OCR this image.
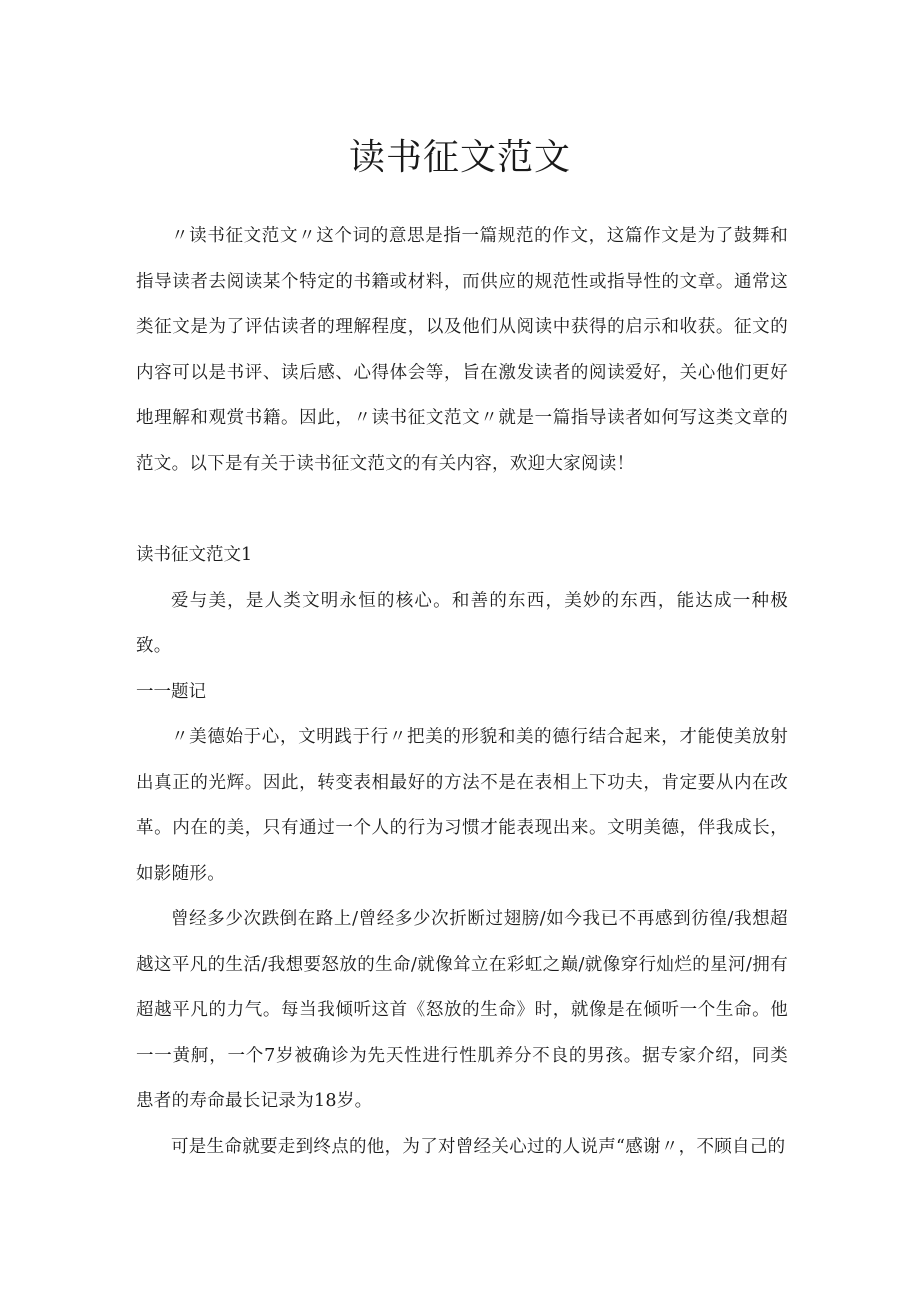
读书征文范文

〃读书征文范文〃这个词的意思是指一篇规范的作文，这篇作文是为了鼓舞和指导读者去阅读某个特定的书籍或材料，而供应的规范性或指导性的文章。通常这类征文是为了评估读者的理解程度，以及他们从阅读中获得的启示和收获。征文的内容可以是书评、读后感、心得体会等，旨在激发读者的阅读爱好，关心他们更好地理解和观赏书籍。因此，〃读书征文范文〃就是一篇指导读者如何写这类文章的范文。以下是有关于读书征文范文的有关内容，欢迎大家阅读！

读书征文范文1

爱与美，是人类文明永恒的核心。和善的东西，美妙的东西，能达成一种极致。

一一题记

〃美德始于心，文明践于行〃把美的形貌和美的德行结合起来，才能使美放射出真正的光辉。因此，转变表相最好的方法不是在表相上下功夫，肯定要从内在改革。内在的美，只有通过一个人的行为习惯才能表现出来。文明美德，伴我成长，如影随形。

曾经多少次跌倒在路上/曾经多少次折断过翅膀/如今我已不再感到彷徨/我想超越这平凡的生活/我想要怒放的生命/就像耸立在彩虹之巅/就像穿行灿烂的星河/拥有超越平凡的力气。每当我倾听这首《怒放的生命》时，就像是在倾听一个生命。他一一黄舸，一个7岁被确诊为先天性进行性肌养分不良的男孩。据专家介绍，同类患者的寿命最长记录为18岁。

可是生命就要走到终点的他，为了对曾经关心过的人说声“感谢〃，不顾自己的
